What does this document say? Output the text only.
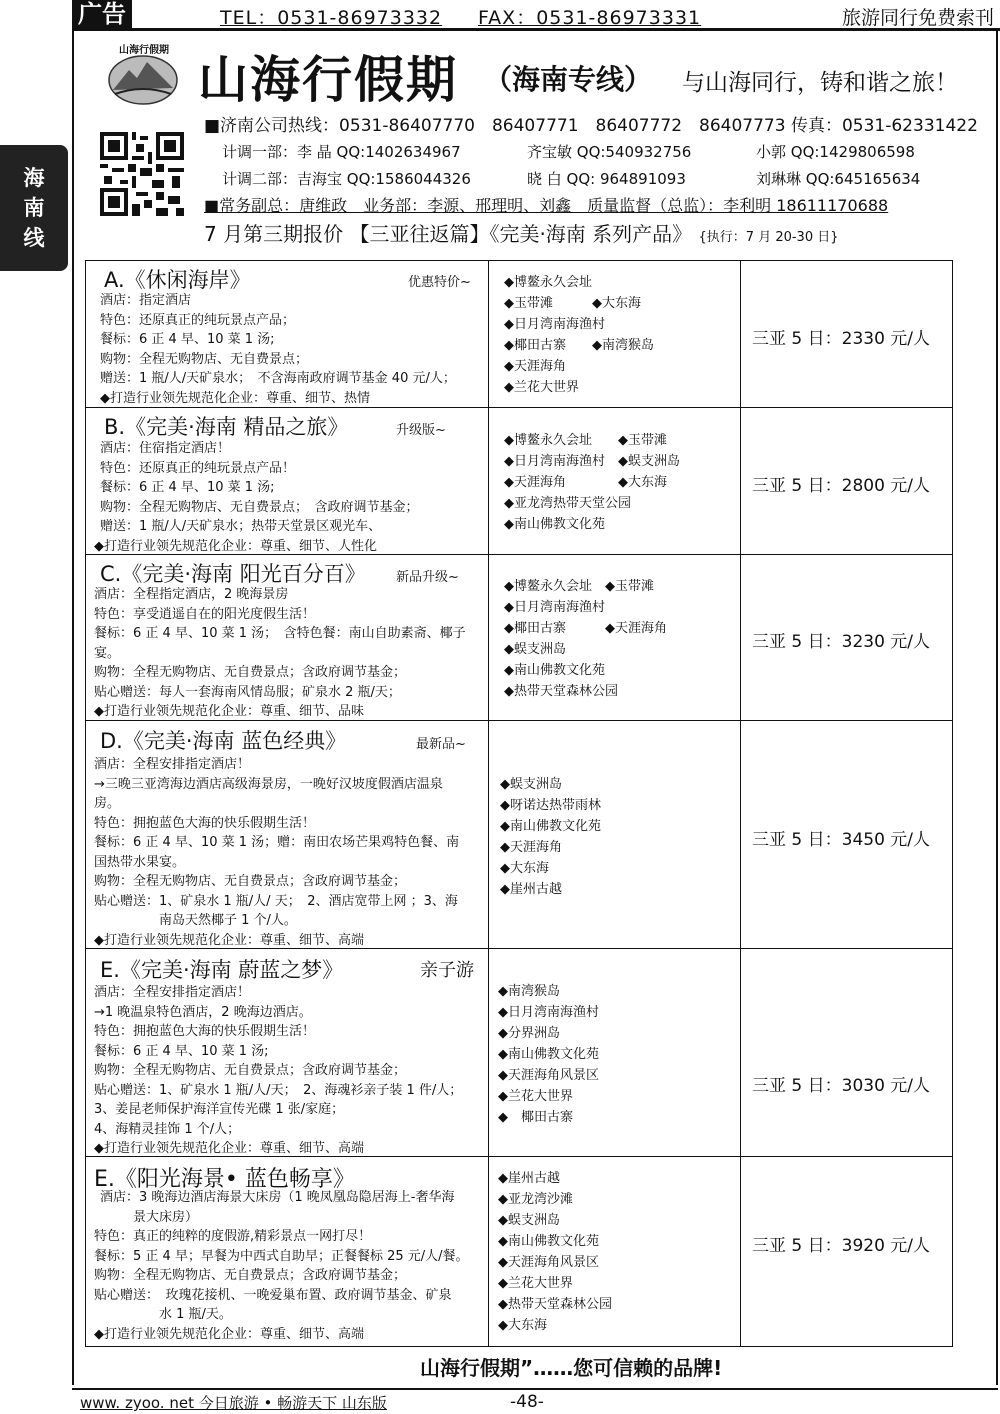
广告	TEL：0531-86973332 FAX：0531-86973331	旅游同行免费索刊
海
南
线
山海行假期
山海行假期 （海南专线） 与山海同行，铸和谐之旅！
■济南公司热线：0531-86407770　86407771　86407772　86407773 传真：0531-62331422
计调一部：李 晶 QQ:1402634967	齐宝敏 QQ:540932756	小郭 QQ:1429806598
计调二部：吉海宝 QQ:1586044326	晓 白 QQ: 964891093	刘琳琳 QQ:645165634
■常务副总：唐维政　业务部：李源、邢理明、刘鑫　质量监督（总监）：李利明 18611170688
7 月第三期报价 【三亚往返篇】《完美·海南 系列产品》 {执行：7 月 20-30 日}
A.《休闲海岸》	优惠特价~
酒店：指定酒店
特色：还原真正的纯玩景点产品；
餐标：6 正 4 早、10 菜 1 汤;
购物：全程无购物店、无自费景点；
赠送：1 瓶/人/天矿泉水；　不含海南政府调节基金 40 元/人；
◆打造行业领先规范化企业：尊重、细节、热情
◆博鳌永久会址
◆玉带滩　　　◆大东海
◆日月湾南海渔村
◆椰田古寨　　◆南湾猴岛
◆天涯海角
◆兰花大世界
三亚 5 日：2330 元/人
B.《完美·海南 精品之旅》	升级版~
酒店：住宿指定酒店！
特色：还原真正的纯玩景点产品！
餐标：6 正 4 早、10 菜 1 汤;
购物：全程无购物店、无自费景点；　含政府调节基金；
赠送：1 瓶/人/天矿泉水；热带天堂景区观光车、
◆打造行业领先规范化企业：尊重、细节、人性化
◆博鳌永久会址　　◆玉带滩
◆日月湾南海渔村　◆蜈支洲岛
◆天涯海角　　　　◆大东海
◆亚龙湾热带天堂公园
◆南山佛教文化苑
三亚 5 日：2800 元/人
C.《完美·海南 阳光百分百》 新品升级~
酒店：全程指定酒店，2 晚海景房
特色：享受逍遥自在的阳光度假生活！
餐标：6 正 4 早、10 菜 1 汤；　含特色餐：南山自助素斋、椰子
宴。
购物：全程无购物店、无自费景点；含政府调节基金；
贴心赠送：每人一套海南风情岛服；矿泉水 2 瓶/天；
◆打造行业领先规范化企业：尊重、细节、品味
◆博鳌永久会址　◆玉带滩
◆日月湾南海渔村
◆椰田古寨　　　◆天涯海角
◆蜈支洲岛
◆南山佛教文化苑
◆热带天堂森林公园
三亚 5 日：3230 元/人
D.《完美·海南 蓝色经典》	最新品~
酒店：全程安排指定酒店！
→三晚三亚湾海边酒店高级海景房，一晚好汉坡度假酒店温泉
房。
特色：拥抱蓝色大海的快乐假期生活！
餐标：6 正 4 早、10 菜 1 汤；赠：南田农场芒果鸡特色餐、南
国热带水果宴。
购物：全程无购物店、无自费景点；含政府调节基金；
贴心赠送：1、矿泉水 1 瓶/人/ 天；　2、酒店宽带上网 ；3、海
　　　　　南岛天然椰子 1 个/人。
◆打造行业领先规范化企业：尊重、细节、高端
◆蜈支洲岛
◆呀诺达热带雨林
◆南山佛教文化苑
◆天涯海角
◆大东海
◆崖州古越
三亚 5 日：3450 元/人
E.《完美·海南 蔚蓝之梦》	亲子游
酒店：全程安排指定酒店！
→1 晚温泉特色酒店，2 晚海边酒店。
特色：拥抱蓝色大海的快乐假期生活！
餐标：6 正 4 早、10 菜 1 汤;
购物：全程无购物店、无自费景点；含政府调节基金；
贴心赠送：1、矿泉水 1 瓶/人/天；　2、海魂衫亲子装 1 件/人；
3、姜昆老师保护海洋宣传光碟 1 张/家庭；
4、海精灵挂饰 1 个/人；
◆打造行业领先规范化企业：尊重、细节、高端
◆南湾猴岛
◆日月湾南海渔村
◆分界洲岛
◆南山佛教文化苑
◆天涯海角风景区
◆兰花大世界
◆　椰田古寨
三亚 5 日：3030 元/人
E.《阳光海景• 蓝色畅享》
酒店：3 晚海边酒店海景大床房（1 晚凤凰岛隐居海上-奢华海
　　　景大床房）
特色：真正的纯粹的度假游,精彩景点一网打尽！
餐标：5 正 4 早；早餐为中西式自助早；正餐餐标 25 元/人/餐。
购物：全程无购物店、无自费景点；含政府调节基金；
贴心赠送：　玫瑰花接机、一晚爱巢布置、政府调节基金、矿泉
　　　　　水 1 瓶/天。
◆打造行业领先规范化企业：尊重、细节、高端
◆崖州古越
◆亚龙湾沙滩
◆蜈支洲岛
◆南山佛教文化苑
◆天涯海角风景区
◆兰花大世界
◆热带天堂森林公园
◆大东海
三亚 5 日：3920 元/人
山海行假期”……您可信赖的品牌!
www. zyoo. net 今日旅游 • 畅游天下 山东版	-48-
